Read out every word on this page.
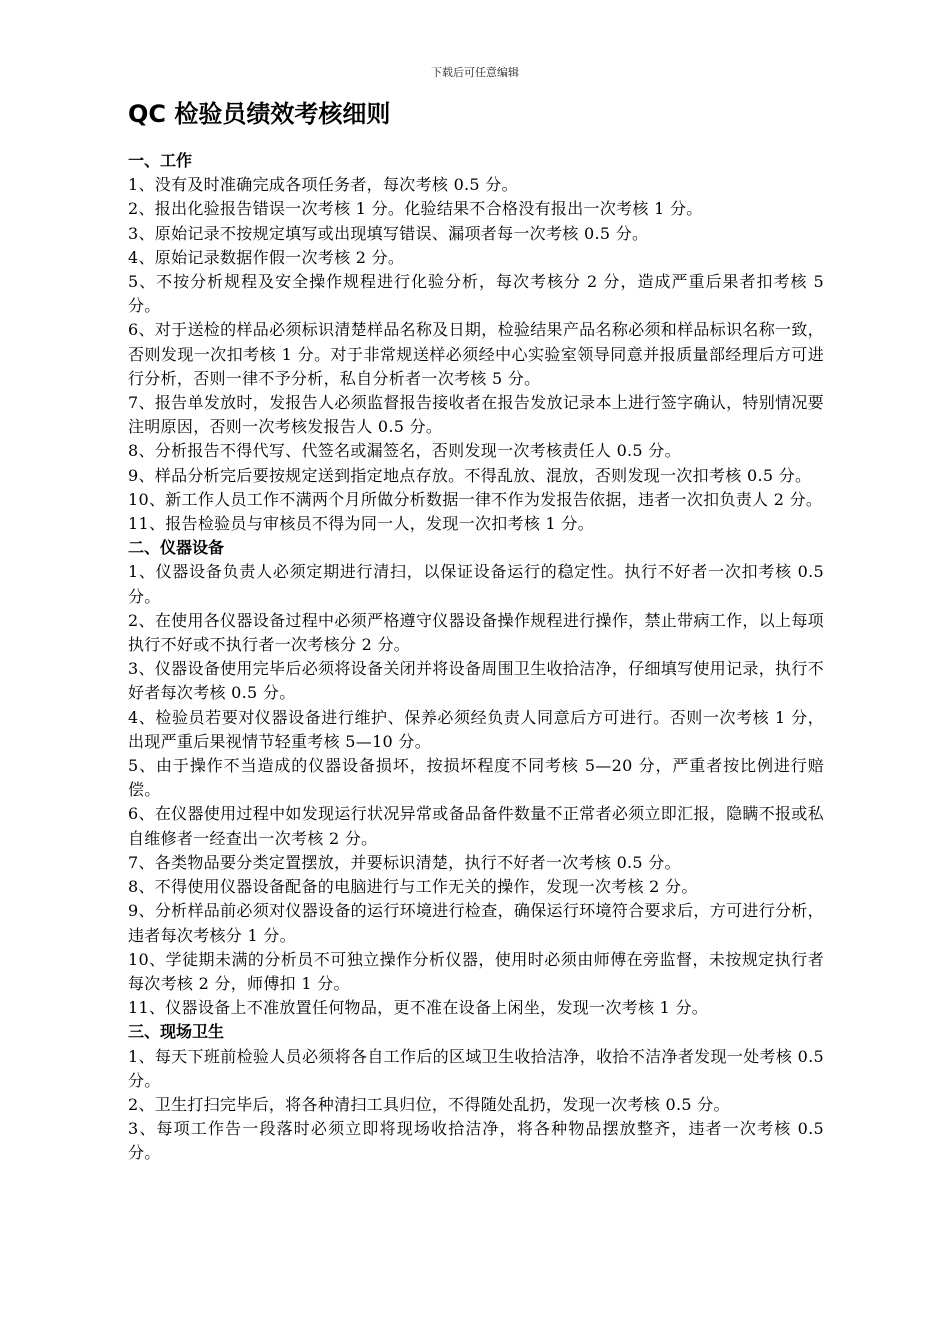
下载后可任意编辑
QC 检验员绩效考核细则

一、工作

1、没有及时准确完成各项任务者，每次考核 0.5 分。

2、报出化验报告错误一次考核 1 分。化验结果不合格没有报出一次考核 1 分。

3、原始记录不按规定填写或出现填写错误、漏项者每一次考核 0.5 分。

4、原始记录数据作假一次考核 2 分。

5、不按分析规程及安全操作规程进行化验分析，每次考核分 2 分，造成严重后果者扣考核 5 分。

6、对于送检的样品必须标识清楚样品名称及日期，检验结果产品名称必须和样品标识名称一致，否则发现一次扣考核 1 分。对于非常规送样必须经中心实验室领导同意并报质量部经理后方可进行分析，否则一律不予分析，私自分析者一次考核 5 分。

7、报告单发放时，发报告人必须监督报告接收者在报告发放记录本上进行签字确认，特别情况要注明原因，否则一次考核发报告人 0.5 分。

8、分析报告不得代写、代签名或漏签名，否则发现一次考核责任人 0.5 分。

9、样品分析完后要按规定送到指定地点存放。不得乱放、混放，否则发现一次扣考核 0.5 分。

10、新工作人员工作不满两个月所做分析数据一律不作为发报告依据，违者一次扣负责人 2 分。

11、报告检验员与审核员不得为同一人，发现一次扣考核 1 分。

二、仪器设备

1、仪器设备负责人必须定期进行清扫，以保证设备运行的稳定性。执行不好者一次扣考核 0.5 分。

2、在使用各仪器设备过程中必须严格遵守仪器设备操作规程进行操作，禁止带病工作，以上每项执行不好或不执行者一次考核分 2 分。

3、仪器设备使用完毕后必须将设备关闭并将设备周围卫生收拾洁净，仔细填写使用记录，执行不好者每次考核 0.5 分。

4、检验员若要对仪器设备进行维护、保养必须经负责人同意后方可进行。否则一次考核 1 分，出现严重后果视情节轻重考核 5—10 分。

5、由于操作不当造成的仪器设备损坏，按损坏程度不同考核 5—20 分，严重者按比例进行赔偿。

6、在仪器使用过程中如发现运行状况异常或备品备件数量不正常者必须立即汇报，隐瞒不报或私自维修者一经查出一次考核 2 分。

7、各类物品要分类定置摆放，并要标识清楚，执行不好者一次考核 0.5 分。

8、不得使用仪器设备配备的电脑进行与工作无关的操作，发现一次考核 2 分。

9、分析样品前必须对仪器设备的运行环境进行检查，确保运行环境符合要求后，方可进行分析，违者每次考核分 1 分。

10、学徒期未满的分析员不可独立操作分析仪器，使用时必须由师傅在旁监督，未按规定执行者每次考核 2 分，师傅扣 1 分。

11、仪器设备上不准放置任何物品，更不准在设备上闲坐，发现一次考核 1 分。

三、现场卫生

1、每天下班前检验人员必须将各自工作后的区域卫生收拾洁净，收拾不洁净者发现一处考核 0.5 分。

2、卫生打扫完毕后，将各种清扫工具归位，不得随处乱扔，发现一次考核 0.5 分。

3、每项工作告一段落时必须立即将现场收拾洁净，将各种物品摆放整齐，违者一次考核 0.5 分。
